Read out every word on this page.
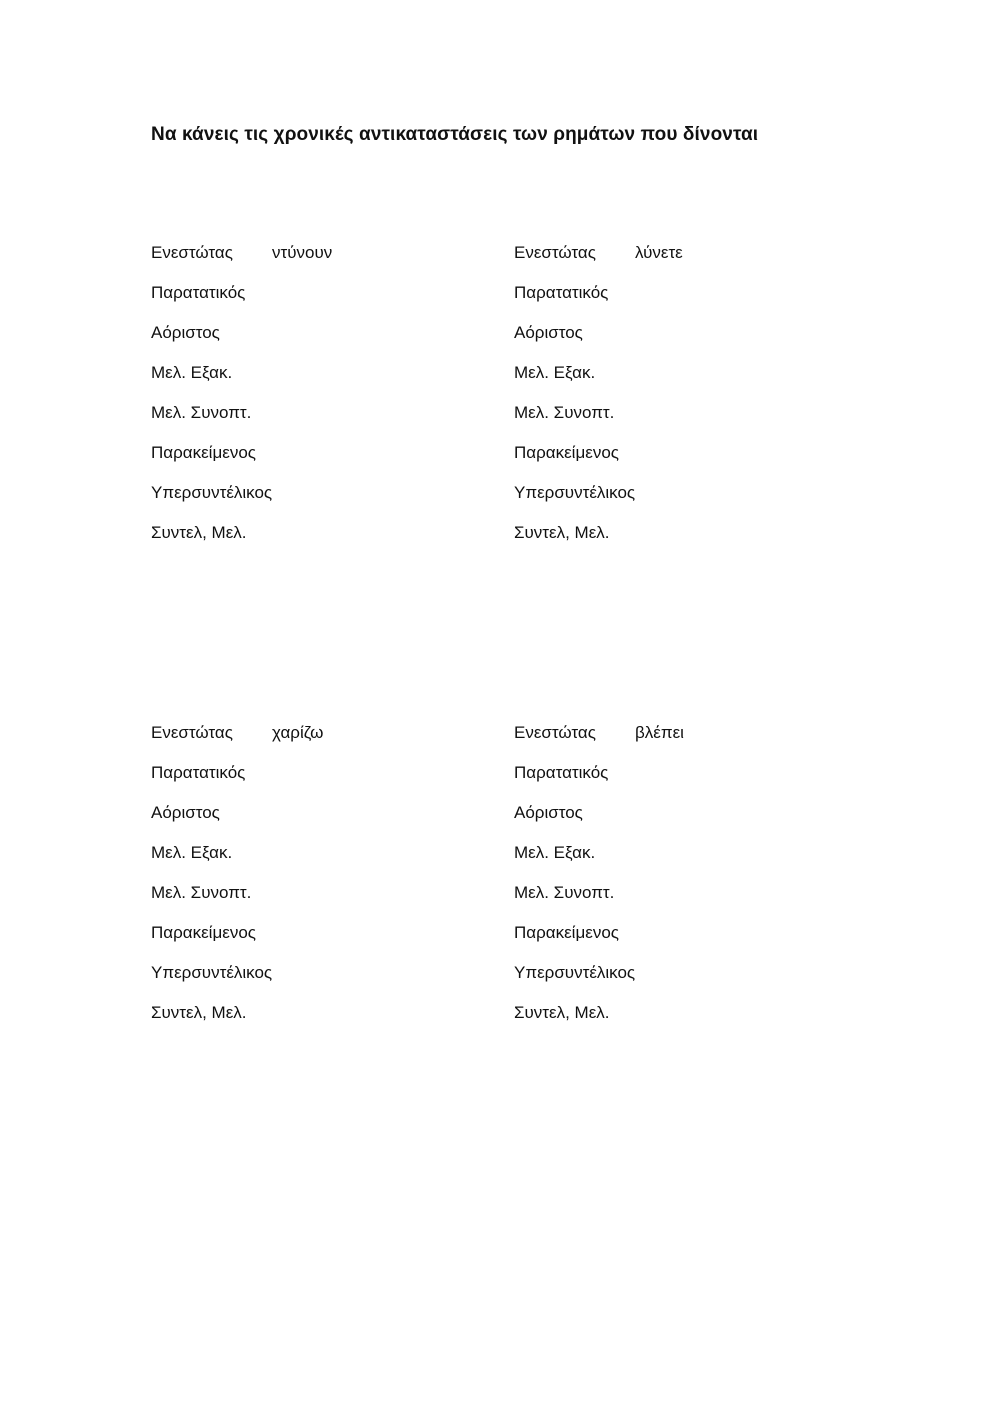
Να κάνεις τις χρονικές αντικαταστάσεις των ρημάτων που δίνονται
Ενεστώτας ντύνουν
Παρατατικός
Αόριστος
Μελ. Εξακ.
Μελ. Συνοπτ.
Παρακείμενος
Υπερσυντέλικος
Συντελ, Μελ.
Ενεστώτας λύνετε
Παρατατικός
Αόριστος
Μελ. Εξακ.
Μελ. Συνοπτ.
Παρακείμενος
Υπερσυντέλικος
Συντελ, Μελ.
Ενεστώτας χαρίζω
Παρατατικός
Αόριστος
Μελ. Εξακ.
Μελ. Συνοπτ.
Παρακείμενος
Υπερσυντέλικος
Συντελ, Μελ.
Ενεστώτας βλέπει
Παρατατικός
Αόριστος
Μελ. Εξακ.
Μελ. Συνοπτ.
Παρακείμενος
Υπερσυντέλικος
Συντελ, Μελ.
